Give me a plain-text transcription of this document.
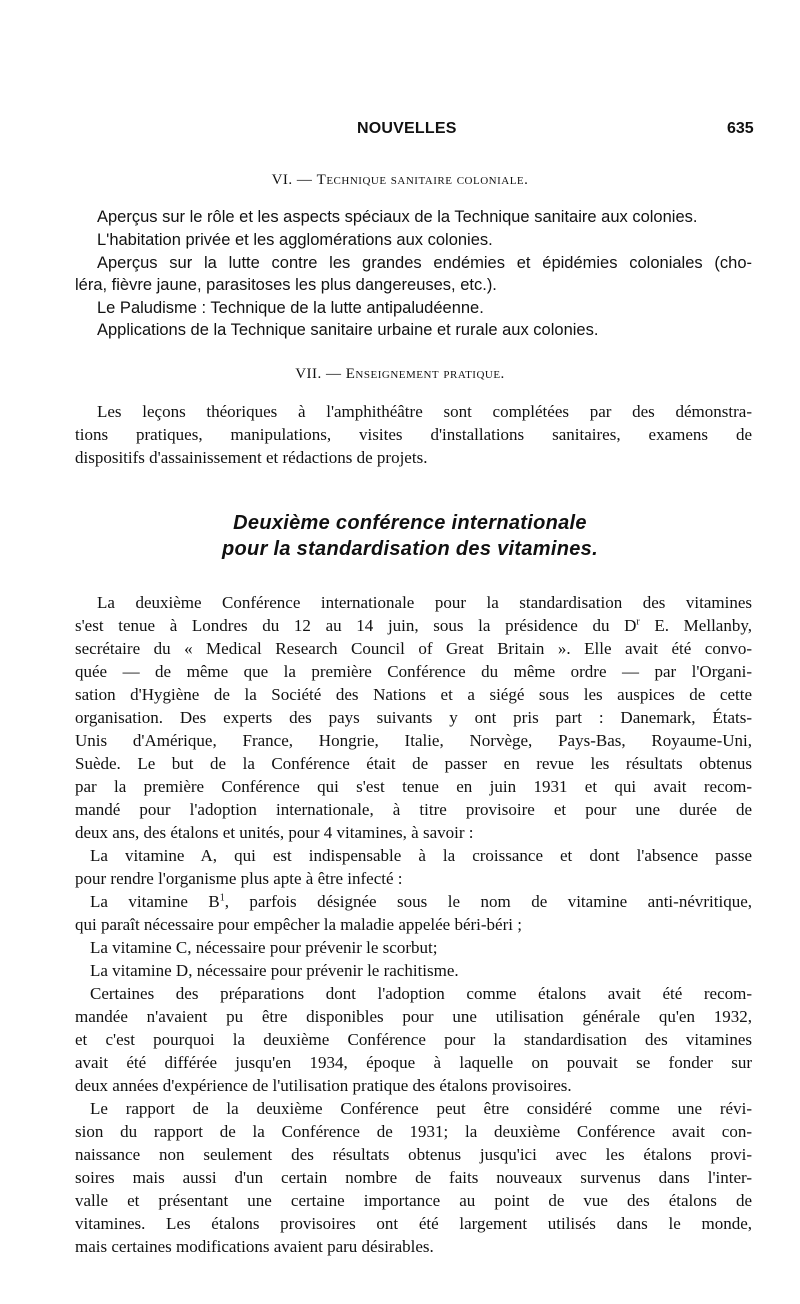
NOUVELLES	635
VI. — Technique sanitaire coloniale.
Aperçus sur le rôle et les aspects spéciaux de la Technique sanitaire aux colonies.
L'habitation privée et les agglomérations aux colonies.
Aperçus sur la lutte contre les grandes endémies et épidémies coloniales (cho-
léra, fièvre jaune, parasitoses les plus dangereuses, etc.).
Le Paludisme : Technique de la lutte antipaludéenne.
Applications de la Technique sanitaire urbaine et rurale aux colonies.
VII. — Enseignement pratique.
Les leçons théoriques à l'amphithéâtre sont complétées par des démonstra-
tions pratiques, manipulations, visites d'installations sanitaires, examens de
dispositifs d'assainissement et rédactions de projets.
Deuxième conférence internationale
pour la standardisation des vitamines.
La deuxième Conférence internationale pour la standardisation des vitamines
s'est tenue à Londres du 12 au 14 juin, sous la présidence du $D^r$ E. Mellanby,
secrétaire du « Medical Research Council of Great Britain ». Elle avait été convo-
quée — de même que la première Conférence du même ordre — par l'Organi-
sation d'Hygiène de la Société des Nations et a siégé sous les auspices de cette
organisation. Des experts des pays suivants y ont pris part : Danemark, États-
Unis d'Amérique, France, Hongrie, Italie, Norvège, Pays-Bas, Royaume-Uni,
Suède. Le but de la Conférence était de passer en revue les résultats obtenus
par la première Conférence qui s'est tenue en juin 1931 et qui avait recom-
mandé pour l'adoption internationale, à titre provisoire et pour une durée de
deux ans, des étalons et unités, pour 4 vitamines, à savoir :
La vitamine A, qui est indispensable à la croissance et dont l'absence passe
pour rendre l'organisme plus apte à être infecté :
La vitamine $B^1$, parfois désignée sous le nom de vitamine anti-névritique,
qui paraît nécessaire pour empêcher la maladie appelée béri-béri ;
La vitamine C, nécessaire pour prévenir le scorbut;
La vitamine D, nécessaire pour prévenir le rachitisme.
Certaines des préparations dont l'adoption comme étalons avait été recom-
mandée n'avaient pu être disponibles pour une utilisation générale qu'en 1932,
et c'est pourquoi la deuxième Conférence pour la standardisation des vitamines
avait été différée jusqu'en 1934, époque à laquelle on pouvait se fonder sur
deux années d'expérience de l'utilisation pratique des étalons provisoires.
Le rapport de la deuxième Conférence peut être considéré comme une révi-
sion du rapport de la Conférence de 1931; la deuxième Conférence avait con-
naissance non seulement des résultats obtenus jusqu'ici avec les étalons provi-
soires mais aussi d'un certain nombre de faits nouveaux survenus dans l'inter-
valle et présentant une certaine importance au point de vue des étalons de
vitamines. Les étalons provisoires ont été largement utilisés dans le monde,
mais certaines modifications avaient paru désirables.
